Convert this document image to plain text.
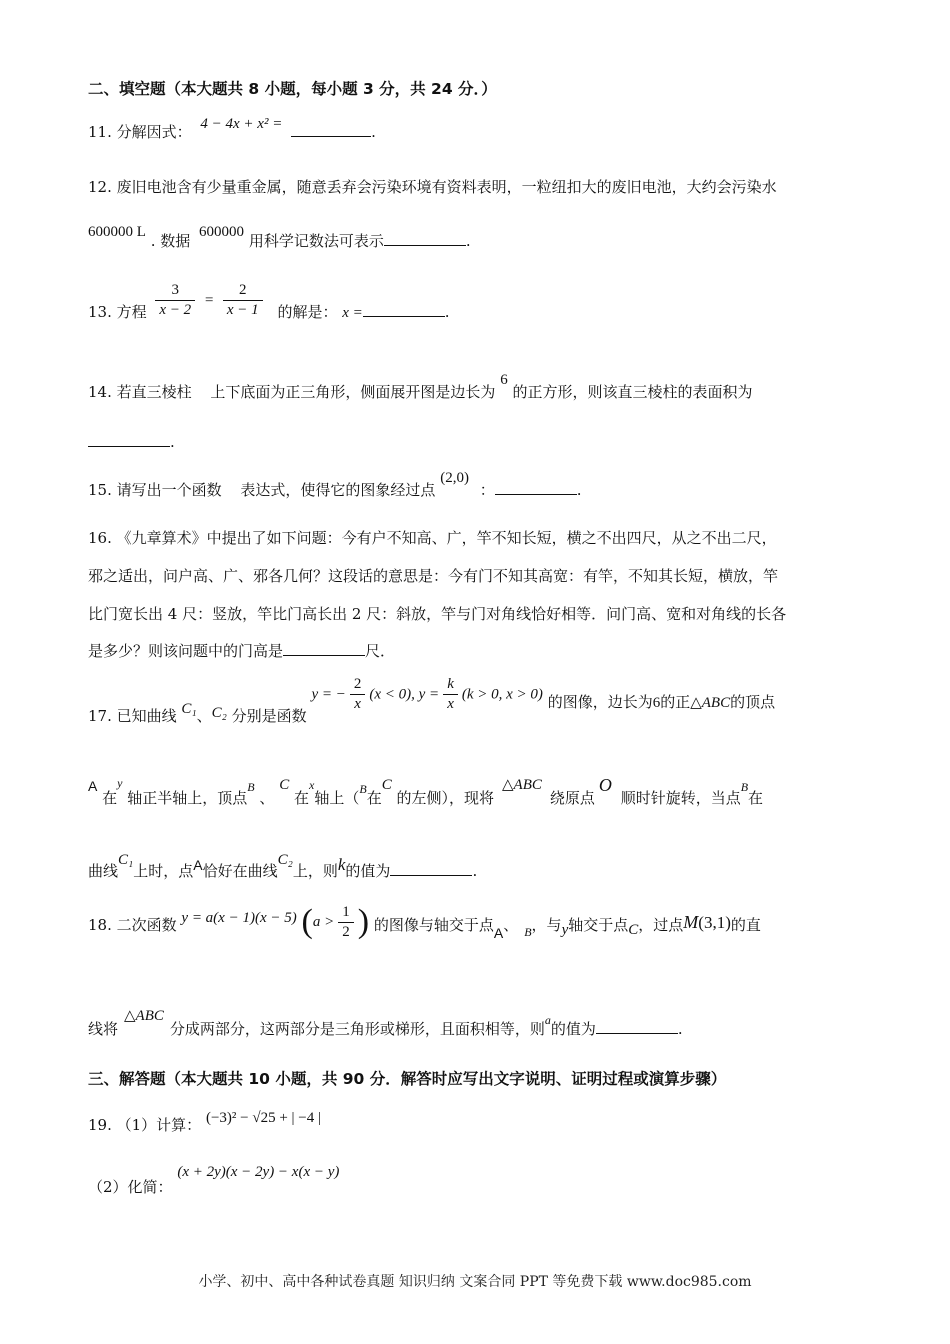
二、填空题（本大题共 8 小题，每小题 3 分，共 24 分．）
11. 分解因式： 4 − 4x + x² =	.
12. 废旧电池含有少量重金属，随意丢弃会污染环境有资料表明，一粒纽扣大的废旧电池，大约会污染水
600000 L . 数据 600000 用科学记数法可表示	.
13. 方程 $\frac{3}{x - 2} = \frac{2}{x - 1}$ 的解是： x =	.
14. 若直三棱柱 上下底面为正三角形，侧面展开图是边长为 6 的正方形，则该直三棱柱的表面积为
.
15. 请写出一个函数 表达式，使得它的图象经过点 (2,0) ：	.
16. 《九章算术》中提出了如下问题：今有户不知高、广，竿不知长短，横之不出四尺，从之不出二尺，
邪之适出，问户高、广、邪各几何？这段话的意思是：今有门不知其高宽：有竿，不知其长短，横放，竿
比门宽长出 4 尺：竖放，竿比门高长出 2 尺：斜放，竿与门对角线恰好相等．问门高、宽和对角线的长各
是多少？则该问题中的门高是	尺．
17. 已知曲线 C₁、C₂ 分别是函数 y = − $\frac{2}{x} (x < 0)$, $y = \frac{k}{x} (k > 0$, x > 0) 的图像，边长为6的正△ABC的顶点
A 在$^y$ 轴正半轴上，顶点$^B$ 、 C 在$^x$轴上（$^B$在C 的左侧），现将△ABC绕原点O 顺时针旋转，当点$^B$在
曲线C₁上时，点A恰好在曲线C₂上，则k的值为	.
18. 二次函数 y = a(x − 1)(x − 5) ($a > \frac{1}{2}$ ) 的图像与轴交于点A、 $_B$，与y轴交于点C，过点M(3,1)的直
线将△ABC分成两部分，这两部分是三角形或梯形，且面积相等，则$^a$的值为	.
三、解答题（本大题共 10 小题，共 90 分．解答时应写出文字说明、证明过程或演算步骤）
19. （1）计算： (−3)² − √25 + | −4 |
（2）化简： (x + 2y)(x − 2y) − x(x − y)
小学、初中、高中各种试卷真题 知识归纳 文案合同 PPT 等免费下载 www.doc985.com
